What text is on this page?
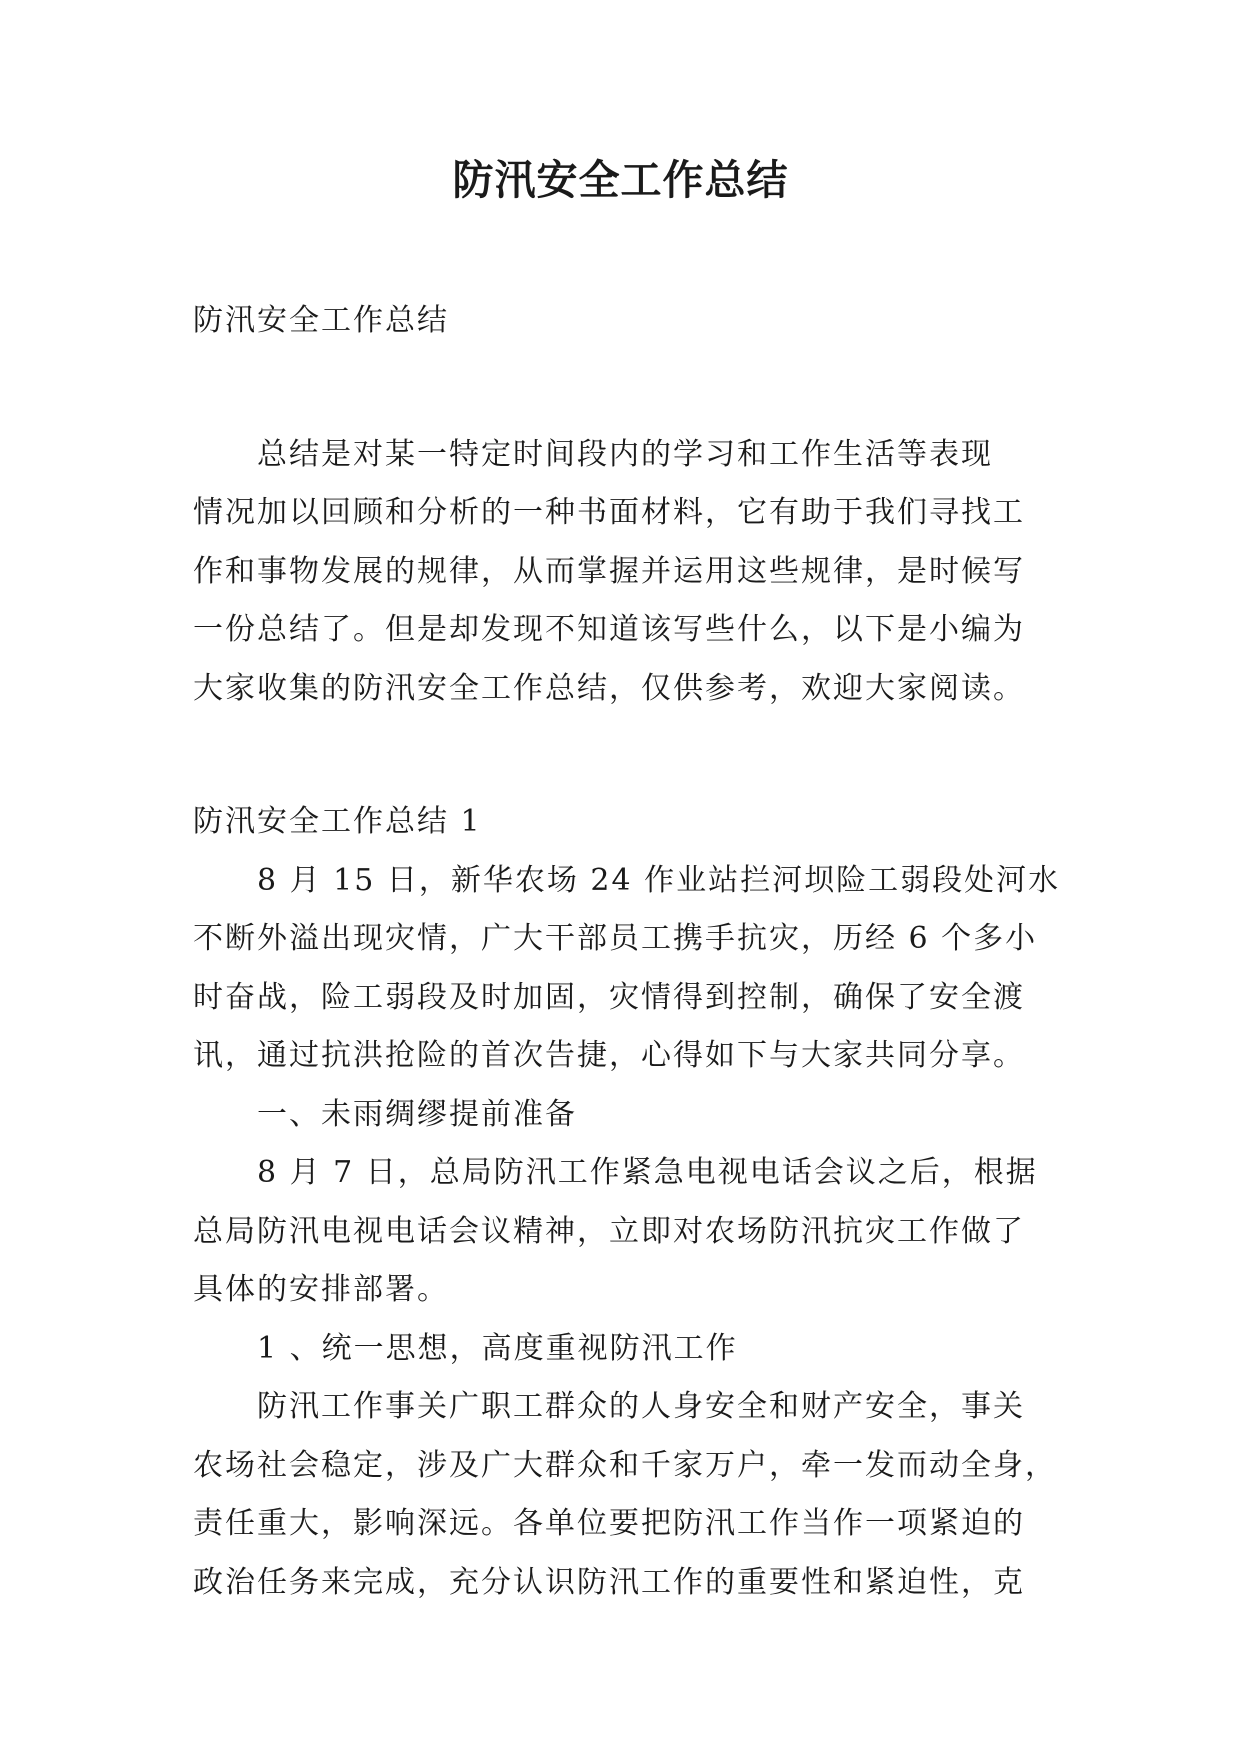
防汛安全工作总结

防汛安全工作总结

总结是对某一特定时间段内的学习和工作生活等表现

情况加以回顾和分析的一种书面材料，它有助于我们寻找工

作和事物发展的规律，从而掌握并运用这些规律，是时候写

一份总结了。但是却发现不知道该写些什么，以下是小编为

大家收集的防汛安全工作总结，仅供参考，欢迎大家阅读。

防汛安全工作总结 1

8 月 15 日，新华农场 24 作业站拦河坝险工弱段处河水

不断外溢出现灾情，广大干部员工携手抗灾，历经 6 个多小

时奋战，险工弱段及时加固，灾情得到控制，确保了安全渡

讯，通过抗洪抢险的首次告捷，心得如下与大家共同分享。

一、未雨绸缪提前准备

8 月 7 日，总局防汛工作紧急电视电话会议之后，根据

总局防汛电视电话会议精神，立即对农场防汛抗灾工作做了

具体的安排部署。

1 、统一思想，高度重视防汛工作

防汛工作事关广职工群众的人身安全和财产安全，事关

农场社会稳定，涉及广大群众和千家万户，牵一发而动全身，

责任重大，影响深远。各单位要把防汛工作当作一项紧迫的

政治任务来完成，充分认识防汛工作的重要性和紧迫性，克
